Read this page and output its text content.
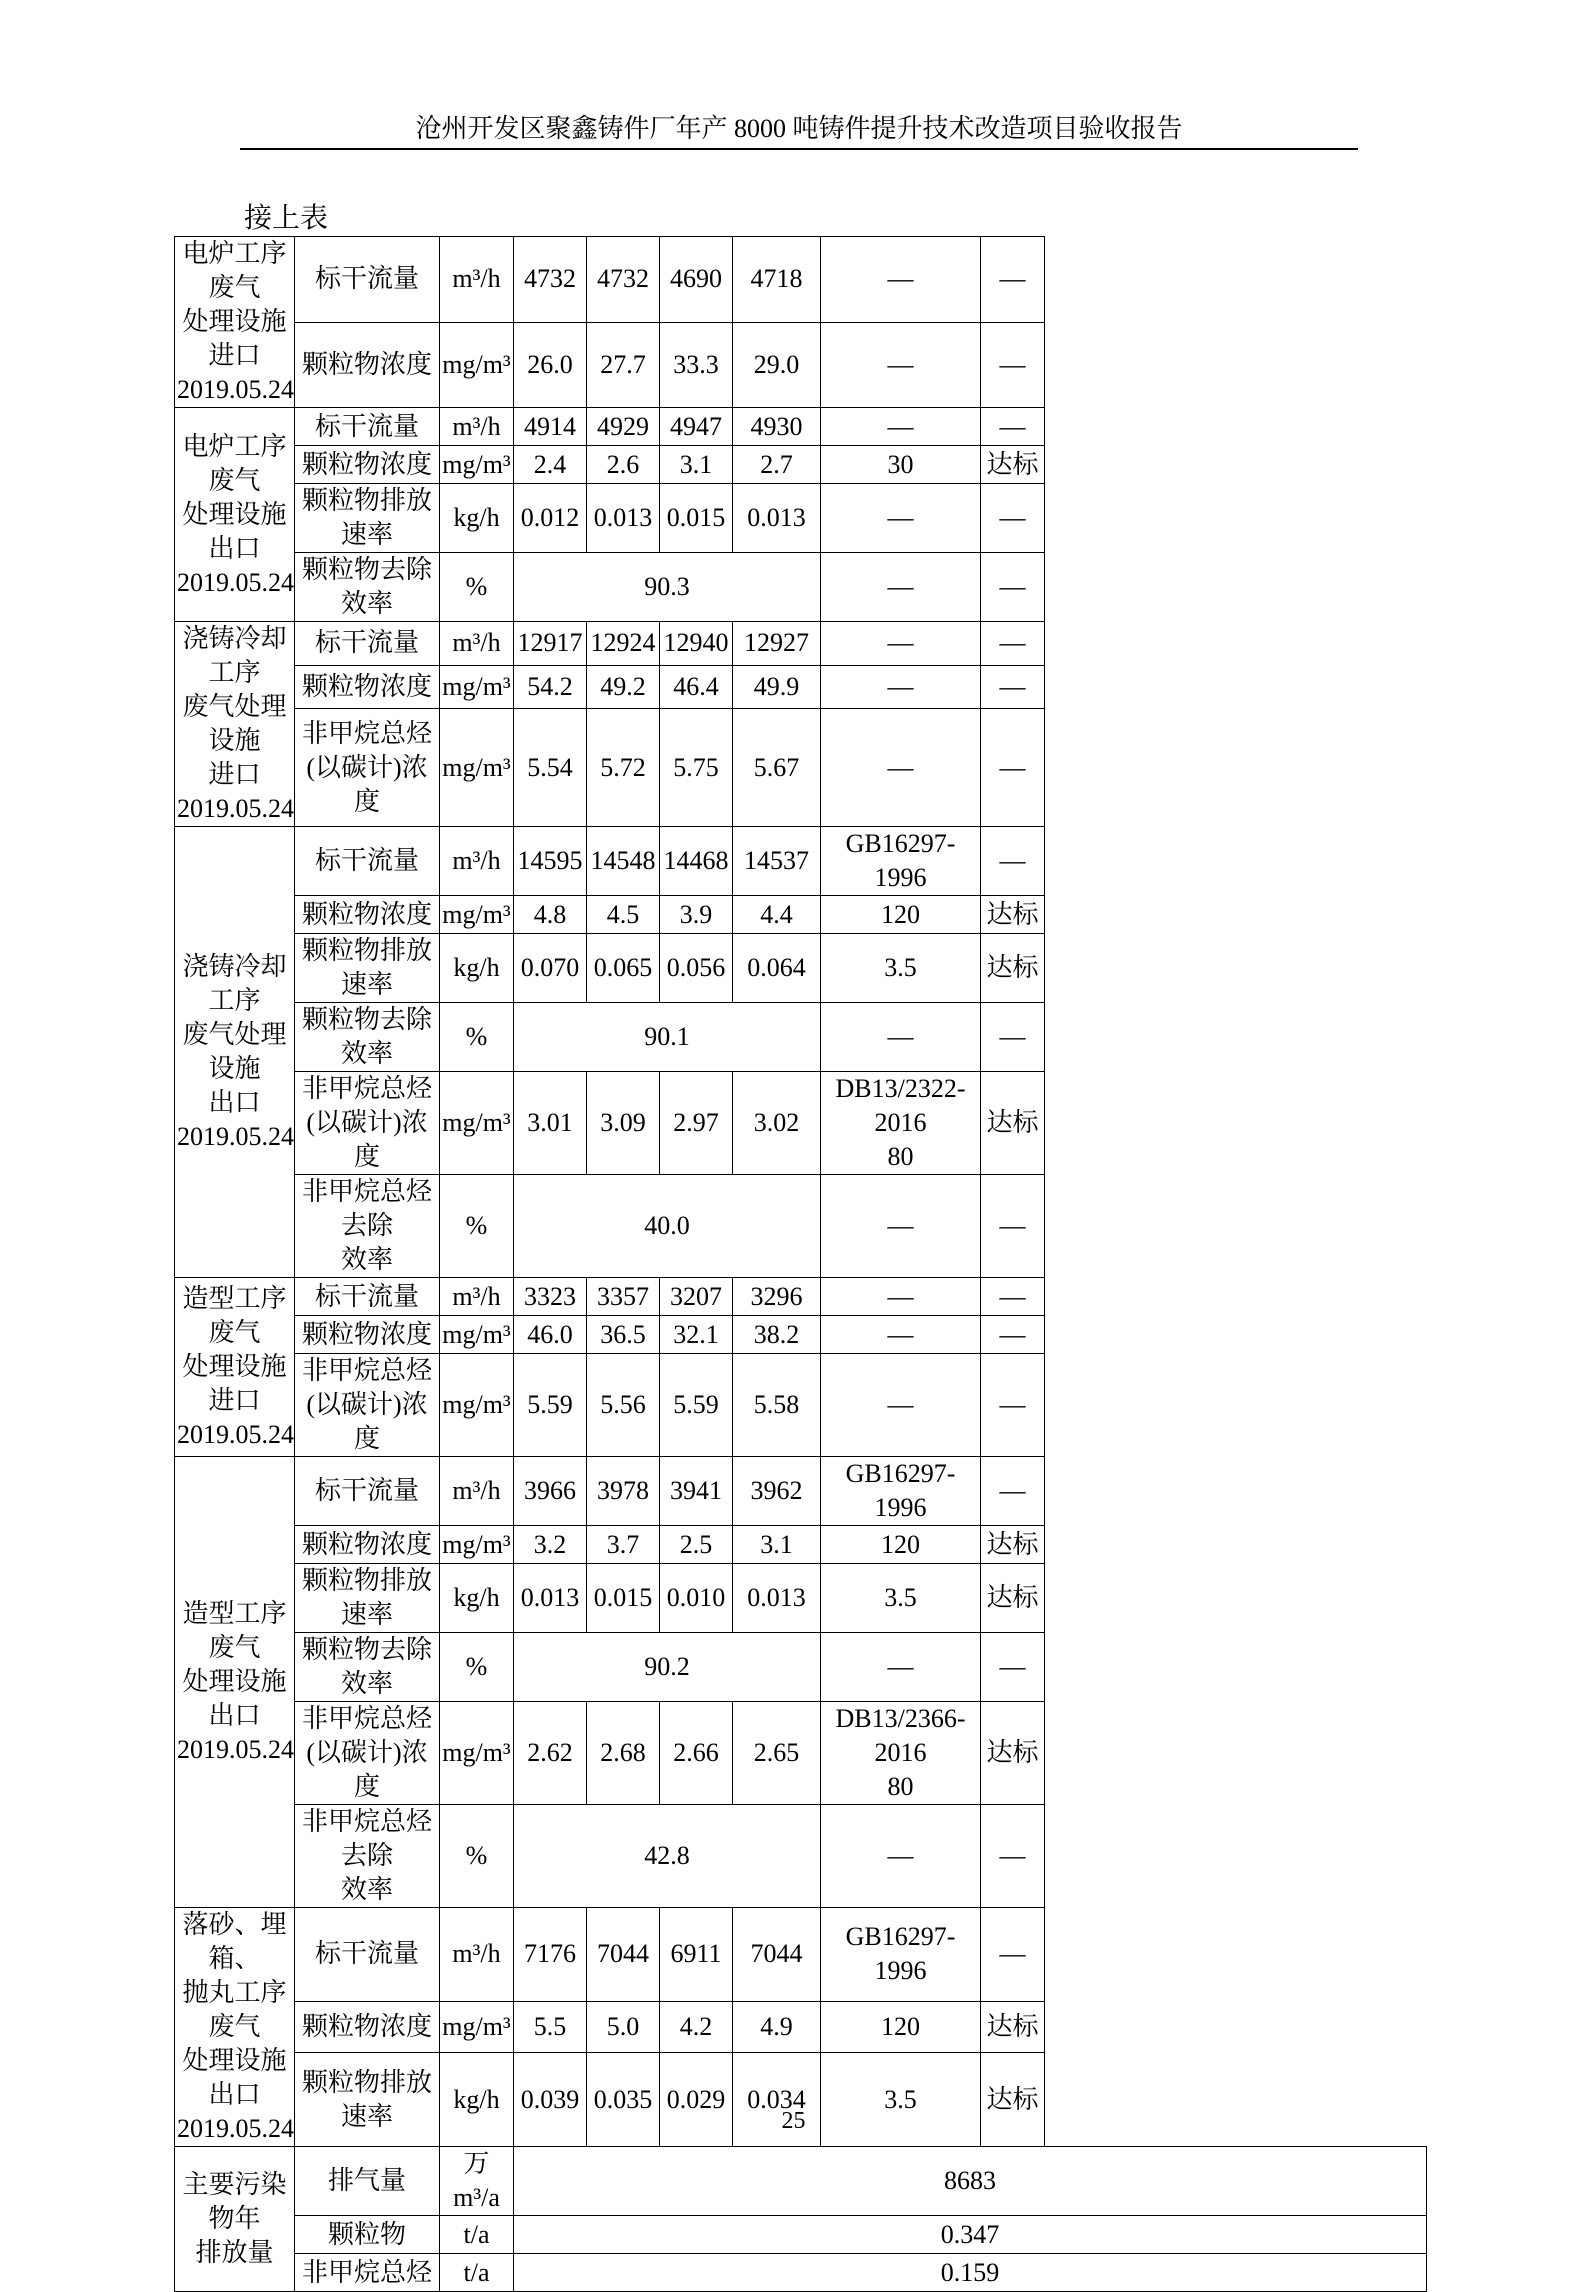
沧州开发区聚鑫铸件厂年产 8000 吨铸件提升技术改造项目验收报告
接上表
电炉工序废气
处理设施进口
2019.05.24	标干流量	m³/h	4732	4732	4690	4718	—	—
	颗粒物浓度	mg/m³	26.0	27.7	33.3	29.0	—	—
电炉工序废气
处理设施出口
2019.05.24	标干流量	m³/h	4914	4929	4947	4930	—	—
	颗粒物浓度	mg/m³	2.4	2.6	3.1	2.7	30	达标
	颗粒物排放速率	kg/h	0.012	0.013	0.015	0.013	—	—
	颗粒物去除效率	%	90.3				—	—
浇铸冷却工序
废气处理设施
进口
2019.05.24	标干流量	m³/h	12917	12924	12940	12927	—	—
	颗粒物浓度	mg/m³	54.2	49.2	46.4	49.9	—	—
	非甲烷总烃
(以碳计)浓度	mg/m³	5.54	5.72	5.75	5.67	—	—
浇铸冷却工序
废气处理设施
出口
2019.05.24	标干流量	m³/h	14595	14548	14468	14537	GB16297-1996	—
	颗粒物浓度	mg/m³	4.8	4.5	3.9	4.4	120	达标
	颗粒物排放速率	kg/h	0.070	0.065	0.056	0.064	3.5	达标
	颗粒物去除效率	%	90.1				—	—
	非甲烷总烃
(以碳计)浓度	mg/m³	3.01	3.09	2.97	3.02	DB13/2322-2016
80	达标
	非甲烷总烃去除
效率	%	40.0				—	—
造型工序废气
处理设施进口
2019.05.24	标干流量	m³/h	3323	3357	3207	3296	—	—
	颗粒物浓度	mg/m³	46.0	36.5	32.1	38.2	—	—
	非甲烷总烃
(以碳计)浓度	mg/m³	5.59	5.56	5.59	5.58	—	—
造型工序废气
处理设施出口
2019.05.24	标干流量	m³/h	3966	3978	3941	3962	GB16297-1996	—
	颗粒物浓度	mg/m³	3.2	3.7	2.5	3.1	120	达标
	颗粒物排放速率	kg/h	0.013	0.015	0.010	0.013	3.5	达标
	颗粒物去除效率	%	90.2				—	—
	非甲烷总烃
(以碳计)浓度	mg/m³	2.62	2.68	2.66	2.65	DB13/2366-2016
80	达标
	非甲烷总烃去除
效率	%	42.8				—	—
落砂、埋箱、
抛丸工序废气
处理设施出口
2019.05.24	标干流量	m³/h	7176	7044	6911	7044	GB16297-1996	—
	颗粒物浓度	mg/m³	5.5	5.0	4.2	4.9	120	达标
	颗粒物排放速率	kg/h	0.039	0.035	0.029	0.034	3.5	达标
主要污染物年
排放量	排气量	万 m³/a	8683					
	颗粒物	t/a	0.347					
	非甲烷总烃	t/a	0.159					
25
